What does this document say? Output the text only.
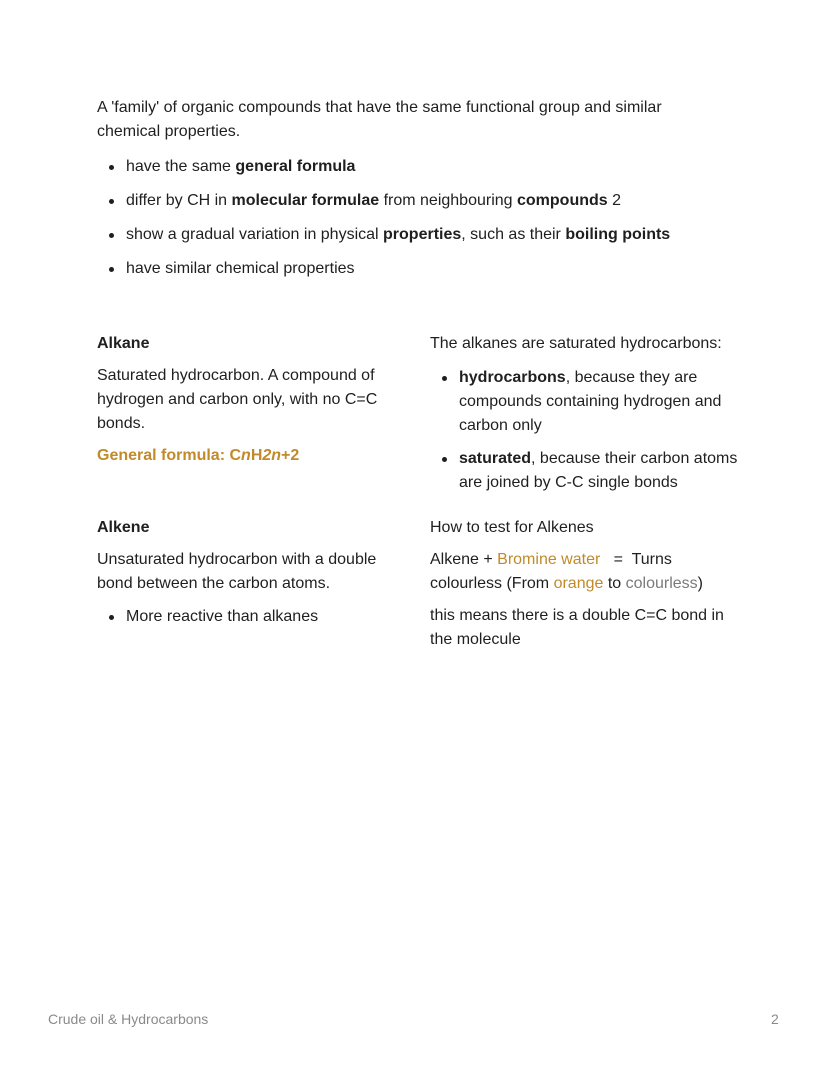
A 'family' of organic compounds that have the same functional group and similar chemical properties.

have the same general formula
differ by CH in molecular formulae from neighbouring compounds 2
show a gradual variation in physical properties, such as their boiling points
have similar chemical properties

Alkane

Saturated hydrocarbon. A compound of hydrogen and carbon only, with no C=C bonds.

General formula: CnH2n+2

The alkanes are saturated hydrocarbons:

hydrocarbons, because they are compounds containing hydrogen and carbon only
saturated, because their carbon atoms are joined by C-C single bonds

Alkene

Unsaturated hydrocarbon with a double bond between the carbon atoms.

More reactive than alkanes

How to test for Alkenes

Alkene + Bromine water   =  Turns colourless (From orange to colourless)

this means there is a double C=C bond in the molecule

Crude oil & Hydrocarbons	2
